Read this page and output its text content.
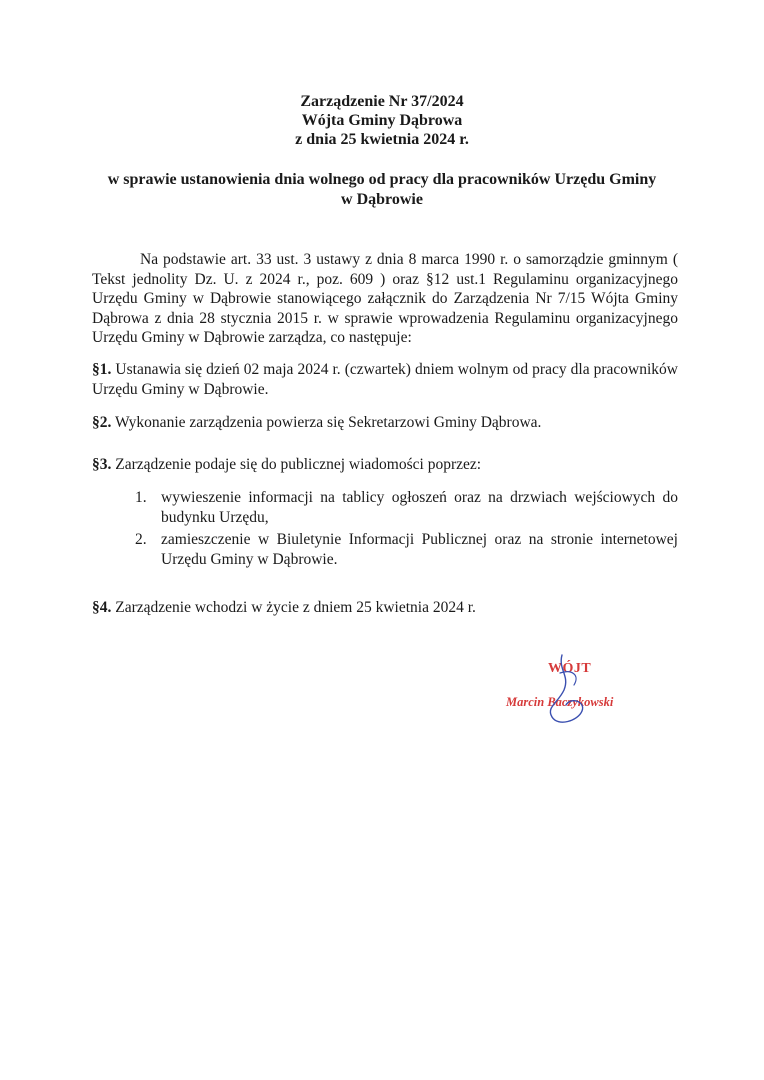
Zarządzenie Nr 37/2024
Wójta Gminy Dąbrowa
z dnia 25 kwietnia 2024 r.
w sprawie ustanowienia dnia wolnego od pracy dla pracowników Urzędu Gminy
w Dąbrowie

Na podstawie art. 33 ust. 3 ustawy z dnia 8 marca 1990 r. o samorządzie gminnym ( Tekst jednolity Dz. U. z 2024 r., poz. 609 ) oraz §12 ust.1 Regulaminu organizacyjnego Urzędu Gminy w Dąbrowie stanowiącego załącznik do Zarządzenia Nr 7/15 Wójta Gminy Dąbrowa z dnia 28 stycznia 2015 r. w sprawie wprowadzenia Regulaminu organizacyjnego Urzędu Gminy w Dąbrowie zarządza, co następuje:

§1. Ustanawia się dzień 02 maja 2024 r. (czwartek) dniem wolnym od pracy dla pracowników Urzędu Gminy w Dąbrowie.

§2. Wykonanie zarządzenia powierza się Sekretarzowi Gminy Dąbrowa.

§3. Zarządzenie podaje się do publicznej wiadomości poprzez:

1. wywieszenie informacji na tablicy ogłoszeń oraz na drzwiach wejściowych do budynku Urzędu,
2. zamieszczenie w Biuletynie Informacji Publicznej oraz na stronie internetowej Urzędu Gminy w Dąbrowie.

§4. Zarządzenie wchodzi w życie z dniem 25 kwietnia 2024 r.

WÓJT
Marcin Baczykowski
